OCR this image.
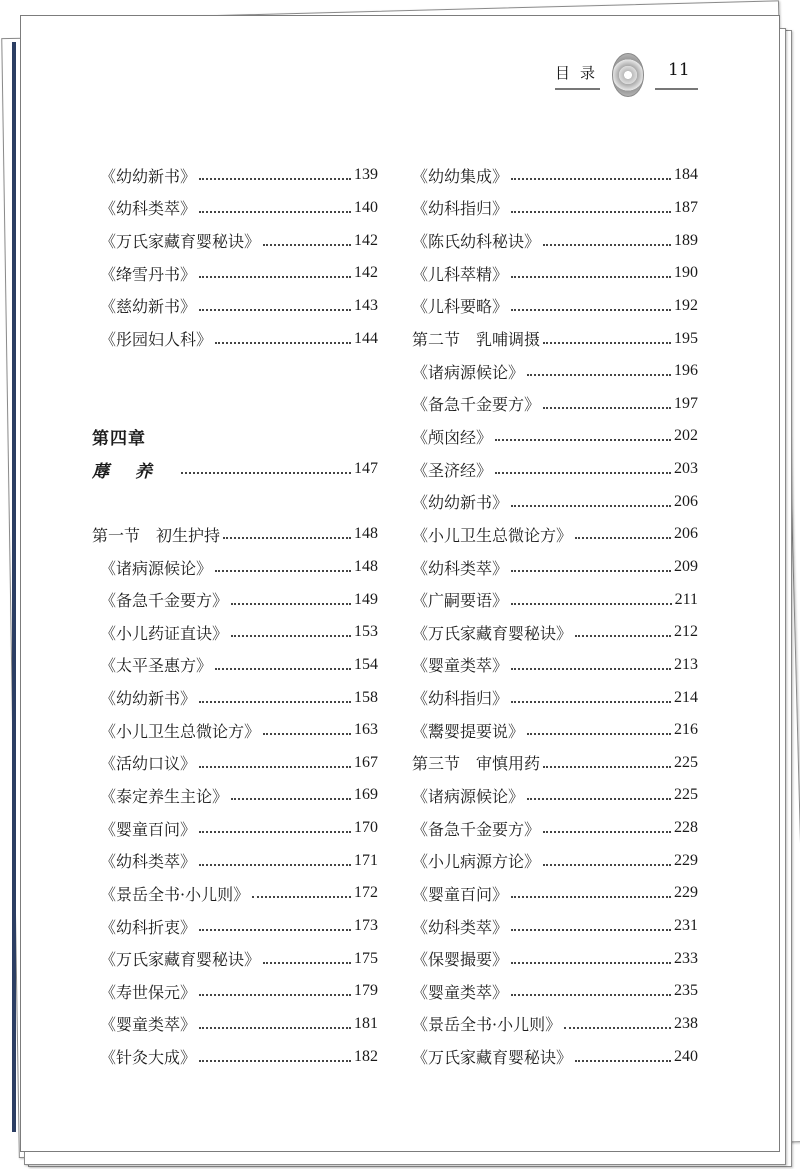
目录	11
《幼幼新书》	139
《幼科类萃》	140
《万氏家藏育婴秘诀》	142
《绛雪丹书》	142
《慈幼新书》	143
《彤园妇人科》	144
第四章
蓐养	147
第一节　初生护持	148
《诸病源候论》	148
《备急千金要方》	149
《小儿药证直诀》	153
《太平圣惠方》	154
《幼幼新书》	158
《小儿卫生总微论方》	163
《活幼口议》	167
《泰定养生主论》	169
《婴童百问》	170
《幼科类萃》	171
《景岳全书·小儿则》	172
《幼科折衷》	173
《万氏家藏育婴秘诀》	175
《寿世保元》	179
《婴童类萃》	181
《针灸大成》	182
《幼幼集成》	184
《幼科指归》	187
《陈氏幼科秘诀》	189
《儿科萃精》	190
《儿科要略》	192
第二节　乳哺调摄	195
《诸病源候论》	196
《备急千金要方》	197
《颅囟经》	202
《圣济经》	203
《幼幼新书》	206
《小儿卫生总微论方》	206
《幼科类萃》	209
《广嗣要语》	211
《万氏家藏育婴秘诀》	212
《婴童类萃》	213
《幼科指归》	214
《鬻婴提要说》	216
第三节　审慎用药	225
《诸病源候论》	225
《备急千金要方》	228
《小儿病源方论》	229
《婴童百问》	229
《幼科类萃》	231
《保婴撮要》	233
《婴童类萃》	235
《景岳全书·小儿则》	238
《万氏家藏育婴秘诀》	240
